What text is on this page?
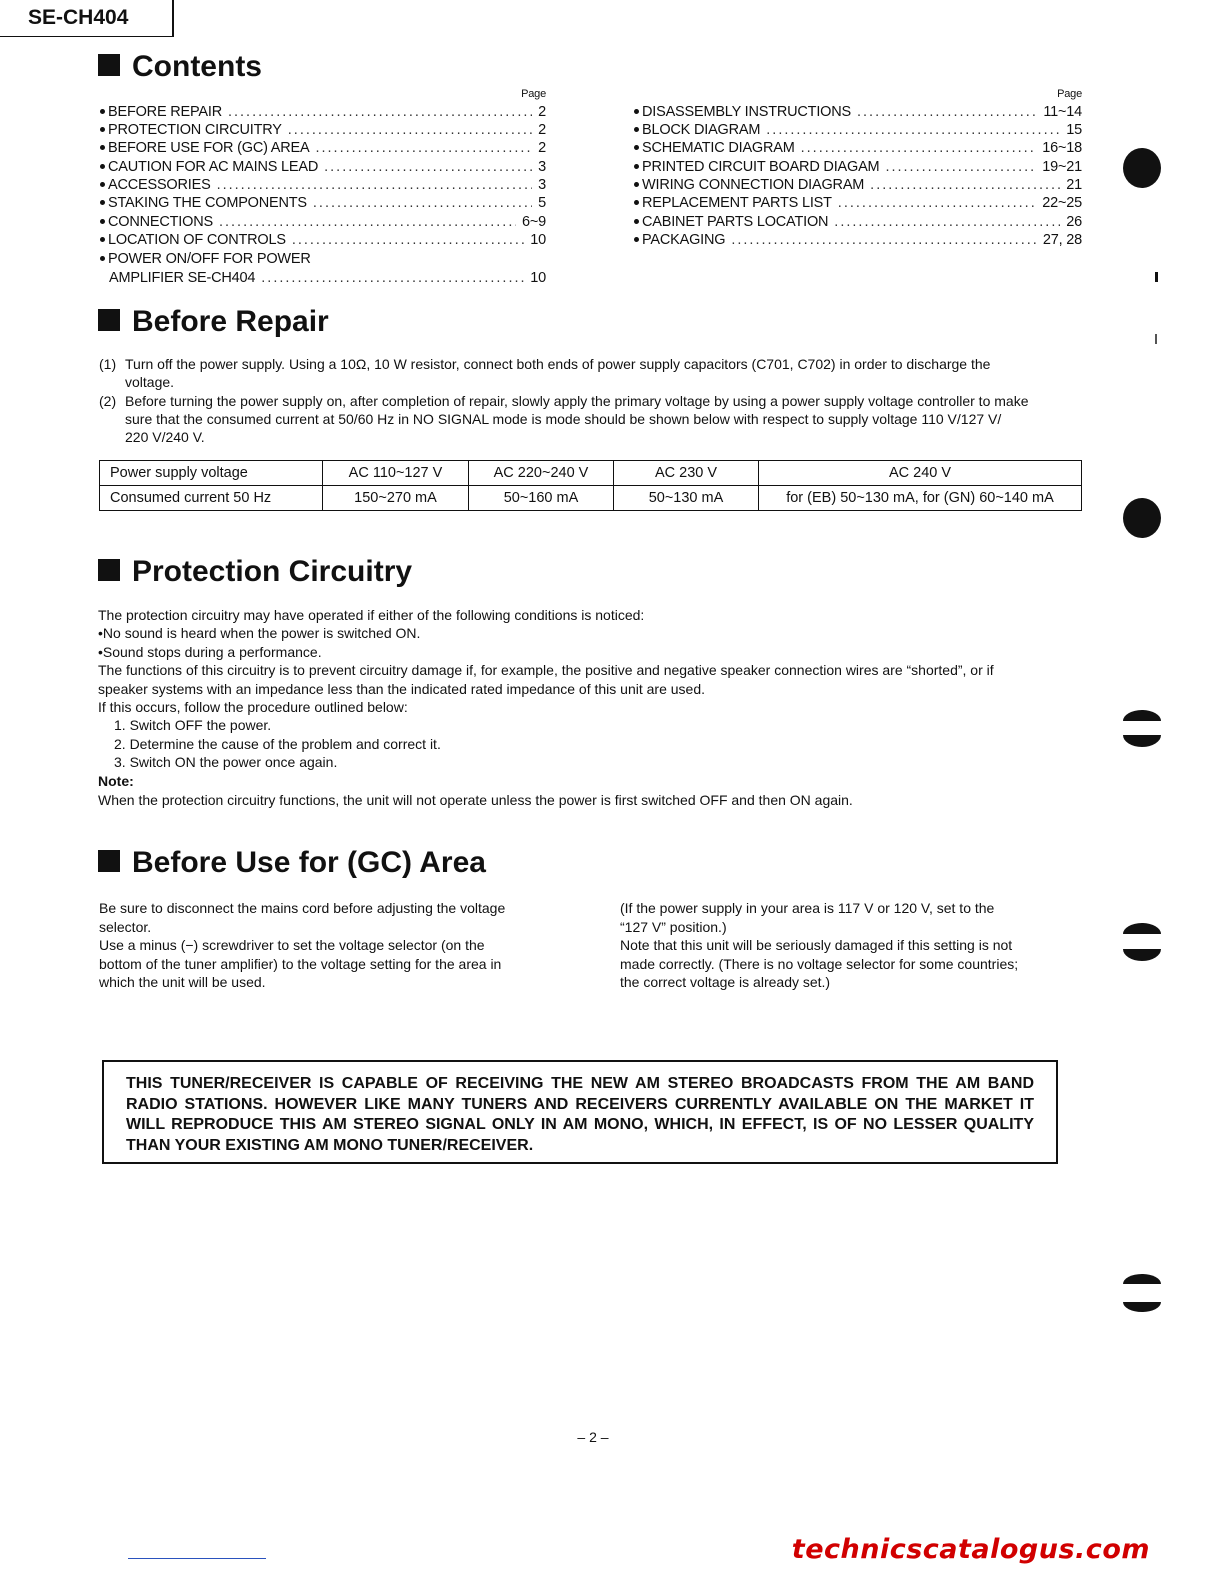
SE-CH404
Contents
Page
BEFORE REPAIR .....	2
PROTECTION CIRCUITRY .....	2
BEFORE USE FOR (GC) AREA .....	2
CAUTION FOR AC MAINS LEAD .....	3
ACCESSORIES .....	3
STAKING THE COMPONENTS .....	5
CONNECTIONS .....	6~9
LOCATION OF CONTROLS .....	10
POWER ON/OFF FOR POWER
AMPLIFIER SE-CH404 .....	10
Page
DISASSEMBLY INSTRUCTIONS .....	11~14
BLOCK DIAGRAM .....	15
SCHEMATIC DIAGRAM .....	16~18
PRINTED CIRCUIT BOARD DIAGAM .....	19~21
WIRING CONNECTION DIAGRAM .....	21
REPLACEMENT PARTS LIST .....	22~25
CABINET PARTS LOCATION .....	26
PACKAGING .....	27, 28
Before Repair
(1) Turn off the power supply. Using a 10Ω, 10 W resistor, connect both ends of power supply capacitors (C701, C702) in order to discharge the
voltage.
(2) Before turning the power supply on, after completion of repair, slowly apply the primary voltage by using a power supply voltage controller to make
sure that the consumed current at 50/60 Hz in NO SIGNAL mode is mode should be shown below with respect to supply voltage 110 V/127 V/
220 V/240 V.
Power supply voltage	AC 110~127 V	AC 220~240 V	AC 230 V	AC 240 V
Consumed current 50 Hz	150~270 mA	50~160 mA	50~130 mA	for (EB) 50~130 mA, for (GN) 60~140 mA
Protection Circuitry
The protection circuitry may have operated if either of the following conditions is noticed:
•No sound is heard when the power is switched ON.
•Sound stops during a performance.
The functions of this circuitry is to prevent circuitry damage if, for example, the positive and negative speaker connection wires are “shorted”, or if
speaker systems with an impedance less than the indicated rated impedance of this unit are used.
If this occurs, follow the procedure outlined below:
1. Switch OFF the power.
2. Determine the cause of the problem and correct it.
3. Switch ON the power once again.
Note:
When the protection circuitry functions, the unit will not operate unless the power is first switched OFF and then ON again.
Before Use for (GC) Area
Be sure to disconnect the mains cord before adjusting the voltage
selector.
Use a minus (−) screwdriver to set the voltage selector (on the
bottom of the tuner amplifier) to the voltage setting for the area in
which the unit will be used.
(If the power supply in your area is 117 V or 120 V, set to the
“127 V” position.)
Note that this unit will be seriously damaged if this setting is not
made correctly. (There is no voltage selector for some countries;
the correct voltage is already set.)
THIS TUNER/RECEIVER IS CAPABLE OF RECEIVING THE NEW AM STEREO BROADCASTS FROM THE AM BAND RADIO STATIONS. HOWEVER LIKE MANY TUNERS AND RECEIVERS CURRENTLY AVAILABLE ON THE MARKET IT WILL REPRODUCE THIS AM STEREO SIGNAL ONLY IN AM MONO, WHICH, IN EFFECT, IS OF NO LESSER QUALITY THAN YOUR EXISTING AM MONO TUNER/RECEIVER.
– 2 –
technicscatalogus.com
